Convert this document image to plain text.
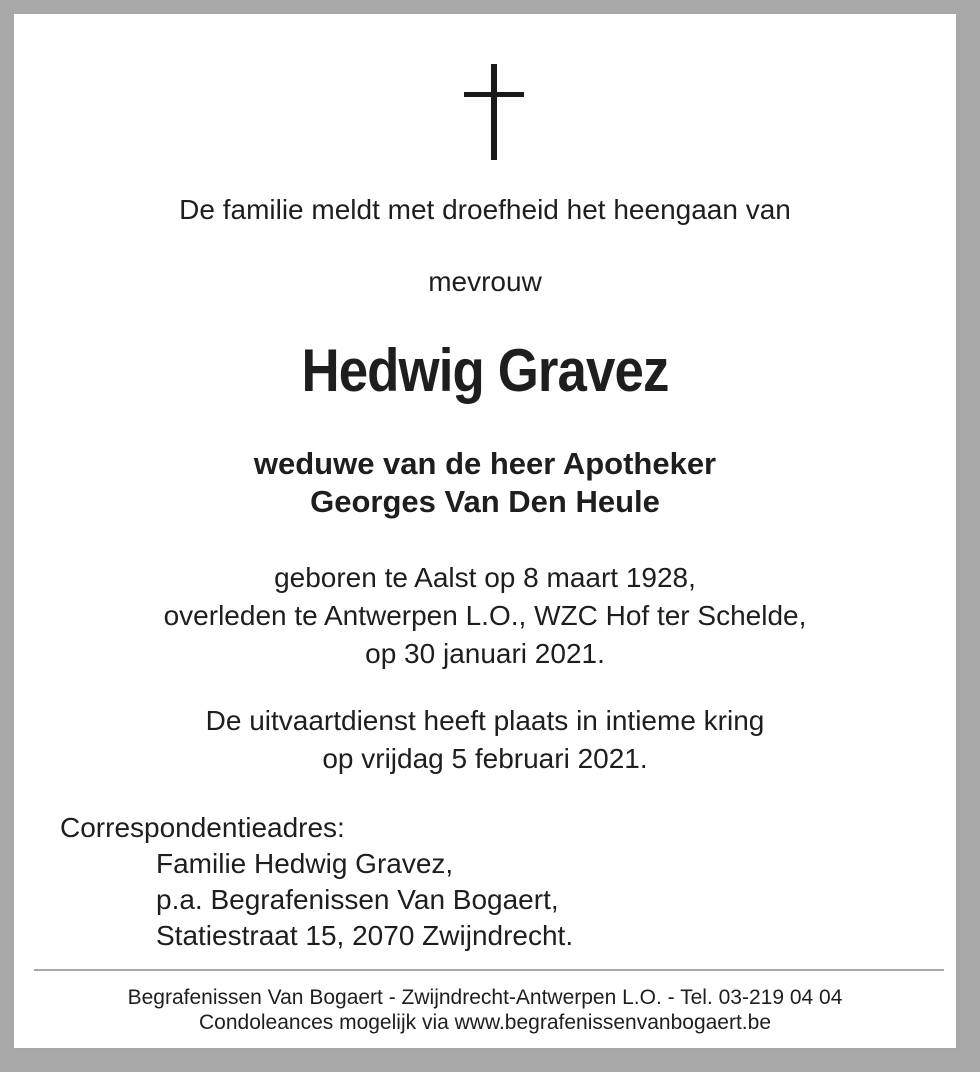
De familie meldt met droefheid het heengaan van
mevrouw
Hedwig Gravez
weduwe van de heer Apotheker
Georges Van Den Heule
geboren te Aalst op 8 maart 1928,
overleden te Antwerpen L.O., WZC Hof ter Schelde,
op 30 januari 2021.
De uitvaartdienst heeft plaats in intieme kring
op vrijdag 5 februari 2021.
Correspondentieadres:
Familie Hedwig Gravez,
p.a. Begrafenissen Van Bogaert,
Statiestraat 15, 2070 Zwijndrecht.
Begrafenissen Van Bogaert - Zwijndrecht-Antwerpen L.O. - Tel. 03-219 04 04
Condoleances mogelijk via www.begrafenissenvanbogaert.be
